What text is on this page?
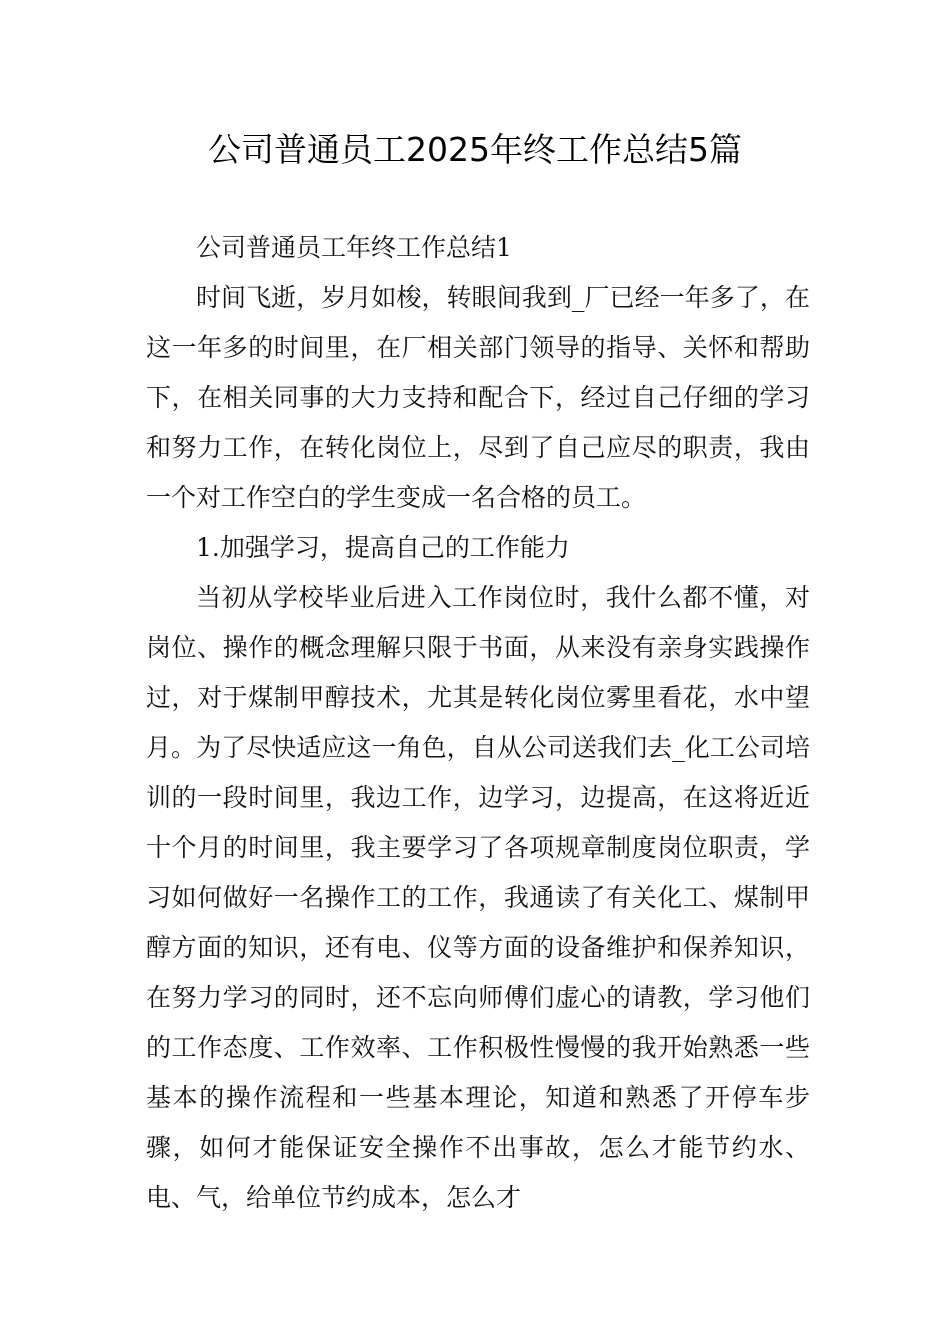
公司普通员工2025年终工作总结5篇

公司普通员工年终工作总结1

时间飞逝，岁月如梭，转眼间我到_厂已经一年多了，在这一年多的时间里，在厂相关部门领导的指导、关怀和帮助下，在相关同事的大力支持和配合下，经过自己仔细的学习和努力工作，在转化岗位上，尽到了自己应尽的职责，我由一个对工作空白的学生变成一名合格的员工。

1.加强学习，提高自己的工作能力

当初从学校毕业后进入工作岗位时，我什么都不懂，对岗位、操作的概念理解只限于书面，从来没有亲身实践操作过，对于煤制甲醇技术，尤其是转化岗位雾里看花，水中望月。为了尽快适应这一角色，自从公司送我们去_化工公司培训的一段时间里，我边工作，边学习，边提高，在这将近近十个月的时间里，我主要学习了各项规章制度岗位职责，学习如何做好一名操作工的工作，我通读了有关化工、煤制甲醇方面的知识，还有电、仪等方面的设备维护和保养知识，在努力学习的同时，还不忘向师傅们虚心的请教，学习他们的工作态度、工作效率、工作积极性慢慢的我开始熟悉一些基本的操作流程和一些基本理论，知道和熟悉了开停车步骤，如何才能保证安全操作不出事故，怎么才能节约水、电、气，给单位节约成本，怎么才
